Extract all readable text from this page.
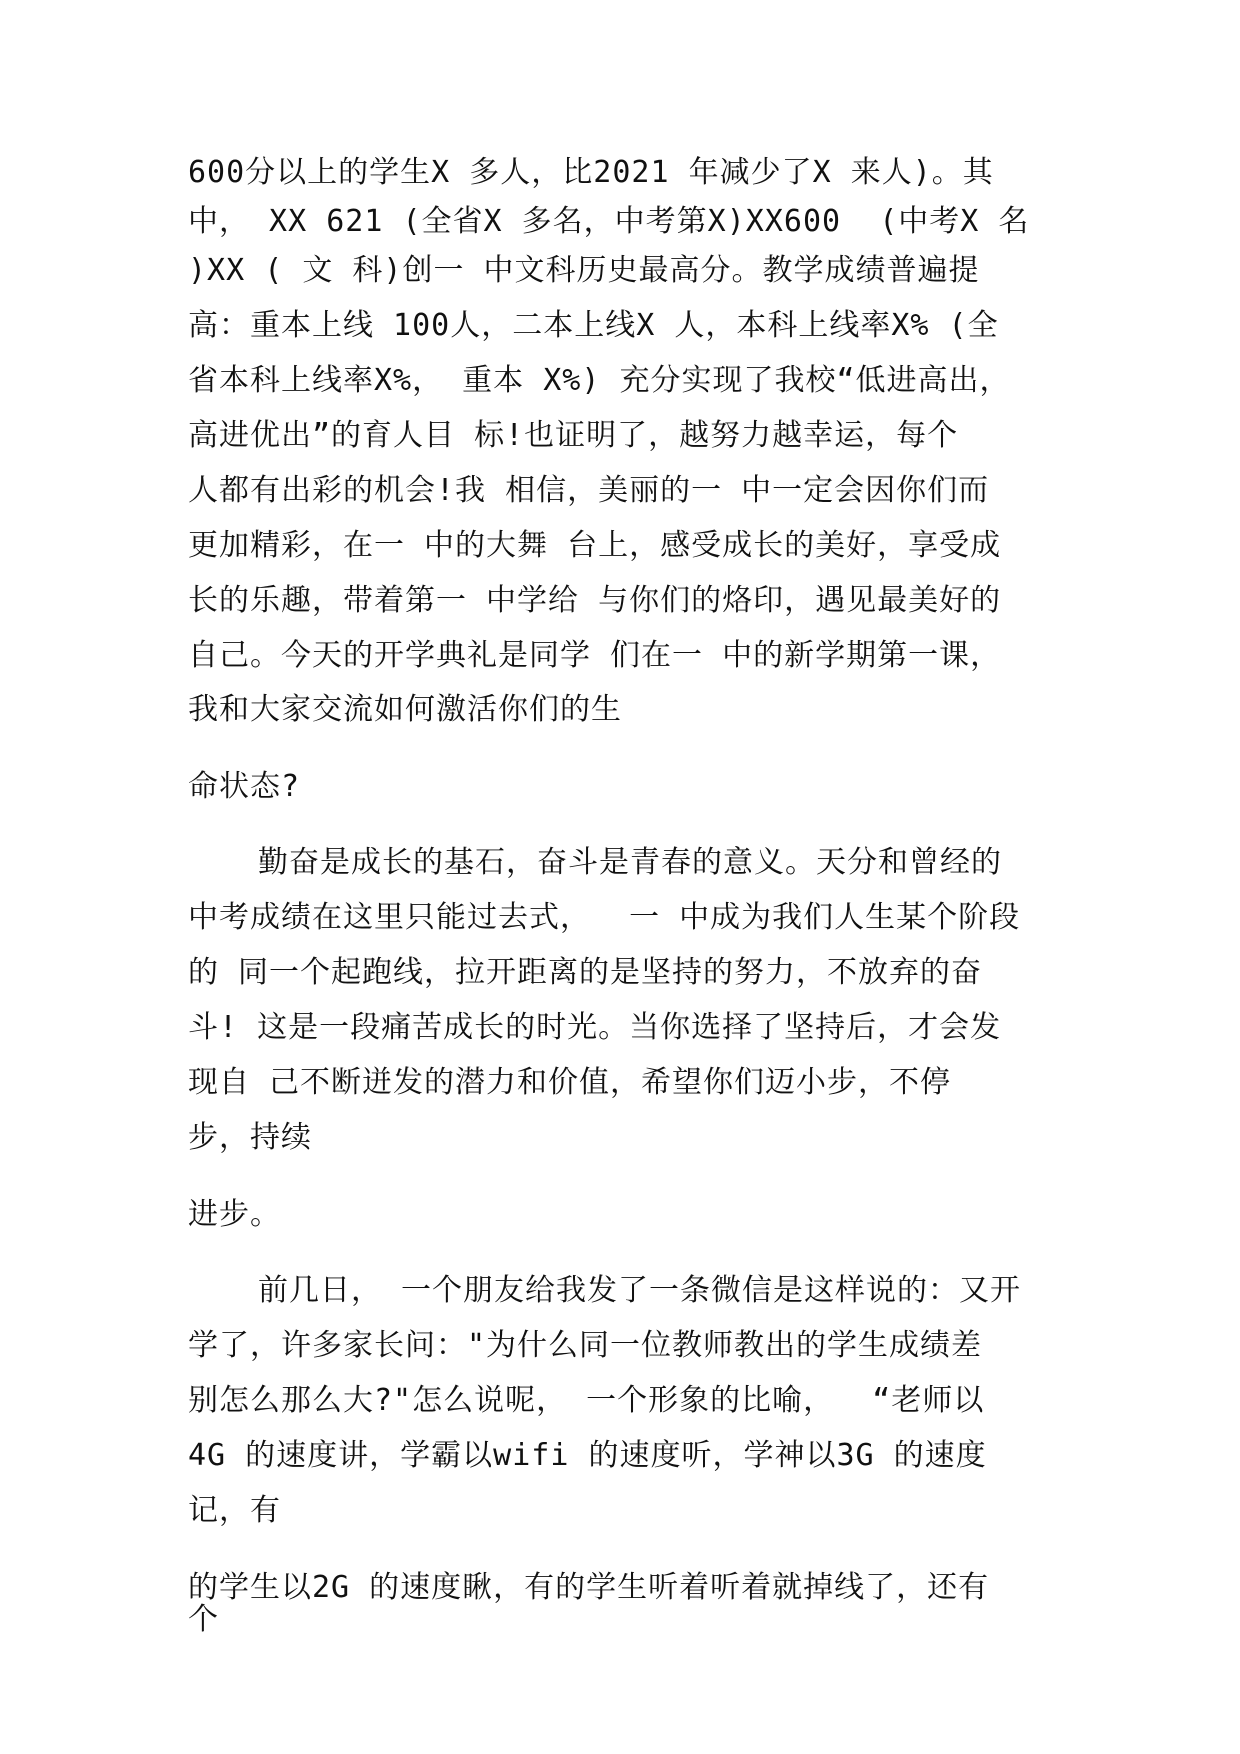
600分以上的学生X 多人，比2021 年减少了X 来人)。其
中， XX 621 (全省X 多名，中考第X)XX600  (中考X 名
)XX ( 文 科)创一 中文科历史最高分。教学成绩普遍提
高：重本上线 100人，二本上线X 人，本科上线率X% (全
省本科上线率X%， 重本 X%) 充分实现了我校“低进高出，
高进优出”的育人目 标!也证明了，越努力越幸运，每个
人都有出彩的机会!我 相信，美丽的一 中一定会因你们而
更加精彩，在一 中的大舞 台上，感受成长的美好，享受成
长的乐趣，带着第一 中学给 与你们的烙印，遇见最美好的
自己。今天的开学典礼是同学 们在一 中的新学期第一课，
我和大家交流如何激活你们的生
命状态?
勤奋是成长的基石，奋斗是青春的意义。天分和曾经的
中考成绩在这里只能过去式，  一 中成为我们人生某个阶段
的 同一个起跑线，拉开距离的是坚持的努力，不放弃的奋
斗! 这是一段痛苦成长的时光。当你选择了坚持后，才会发
现自 己不断迸发的潜力和价值，希望你们迈小步，不停
步，持续
进步。
前几日， 一个朋友给我发了一条微信是这样说的：又开
学了，许多家长问："为什么同一位教师教出的学生成绩差
别怎么那么大?"怎么说呢， 一个形象的比喻，  “老师以
4G 的速度讲，学霸以wifi 的速度听，学神以3G 的速度
记，有
的学生以2G 的速度瞅，有的学生听着听着就掉线了，还有
个
